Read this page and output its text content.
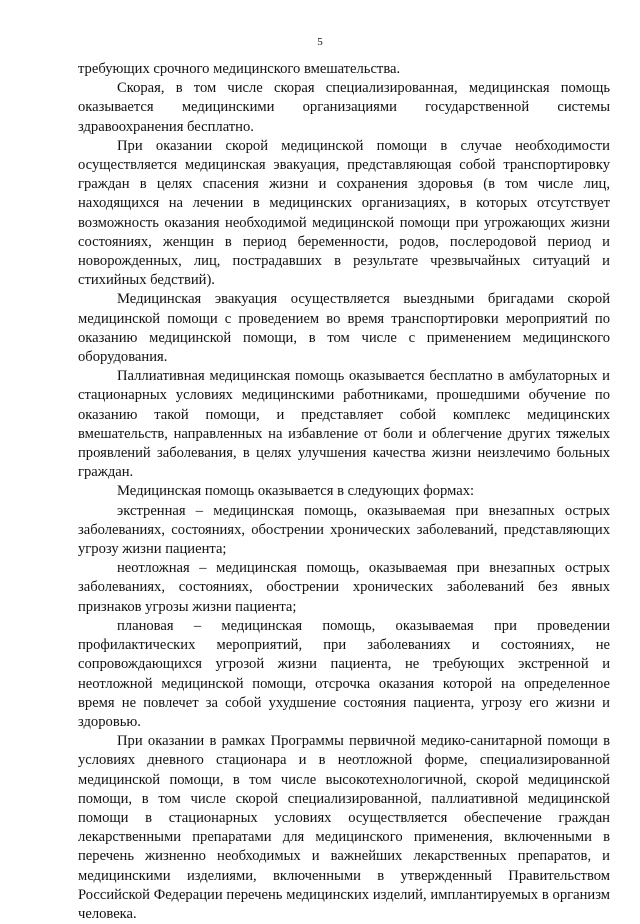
5

требующих срочного медицинского вмешательства.

Скорая, в том числе скорая специализированная, медицинская помощь оказывается медицинскими организациями государственной системы здравоохранения бесплатно.

При оказании скорой медицинской помощи в случае необходимости осуществляется медицинская эвакуация, представляющая собой транспортировку граждан в целях спасения жизни и сохранения здоровья (в том числе лиц, находящихся на лечении в медицинских организациях, в которых отсутствует возможность оказания необходимой медицинской помощи при угрожающих жизни состояниях, женщин в период беременности, родов, послеродовой период и новорожденных, лиц, пострадавших в результате чрезвычайных ситуаций и стихийных бедствий).

Медицинская эвакуация осуществляется выездными бригадами скорой медицинской помощи с проведением во время транспортировки мероприятий по оказанию медицинской помощи, в том числе с применением медицинского оборудования.

Паллиативная медицинская помощь оказывается бесплатно в амбулаторных и стационарных условиях медицинскими работниками, прошедшими обучение по оказанию такой помощи, и представляет собой комплекс медицинских вмешательств, направленных на избавление от боли и облегчение других тяжелых проявлений заболевания, в целях улучшения качества жизни неизлечимо больных граждан.

Медицинская помощь оказывается в следующих формах:

экстренная – медицинская помощь, оказываемая при внезапных острых заболеваниях, состояниях, обострении хронических заболеваний, представляющих угрозу жизни пациента;

неотложная – медицинская помощь, оказываемая при внезапных острых заболеваниях, состояниях, обострении хронических заболеваний без явных признаков угрозы жизни пациента;

плановая – медицинская помощь, оказываемая при проведении профилактических мероприятий, при заболеваниях и состояниях, не сопровождающихся угрозой жизни пациента, не требующих экстренной и неотложной медицинской помощи, отсрочка оказания которой на определенное время не повлечет за собой ухудшение состояния пациента, угрозу его жизни и здоровью.

При оказании в рамках Программы первичной медико-санитарной помощи в условиях дневного стационара и в неотложной форме, специализированной медицинской помощи, в том числе высокотехнологичной, скорой медицинской помощи, в том числе скорой специализированной, паллиативной медицинской помощи в стационарных условиях осуществляется обеспечение граждан лекарственными препаратами для медицинского применения, включенными в перечень жизненно необходимых и важнейших лекарственных препаратов, и медицинскими изделиями, включенными в утвержденный Правительством Российской Федерации перечень медицинских изделий, имплантируемых в организм человека.
